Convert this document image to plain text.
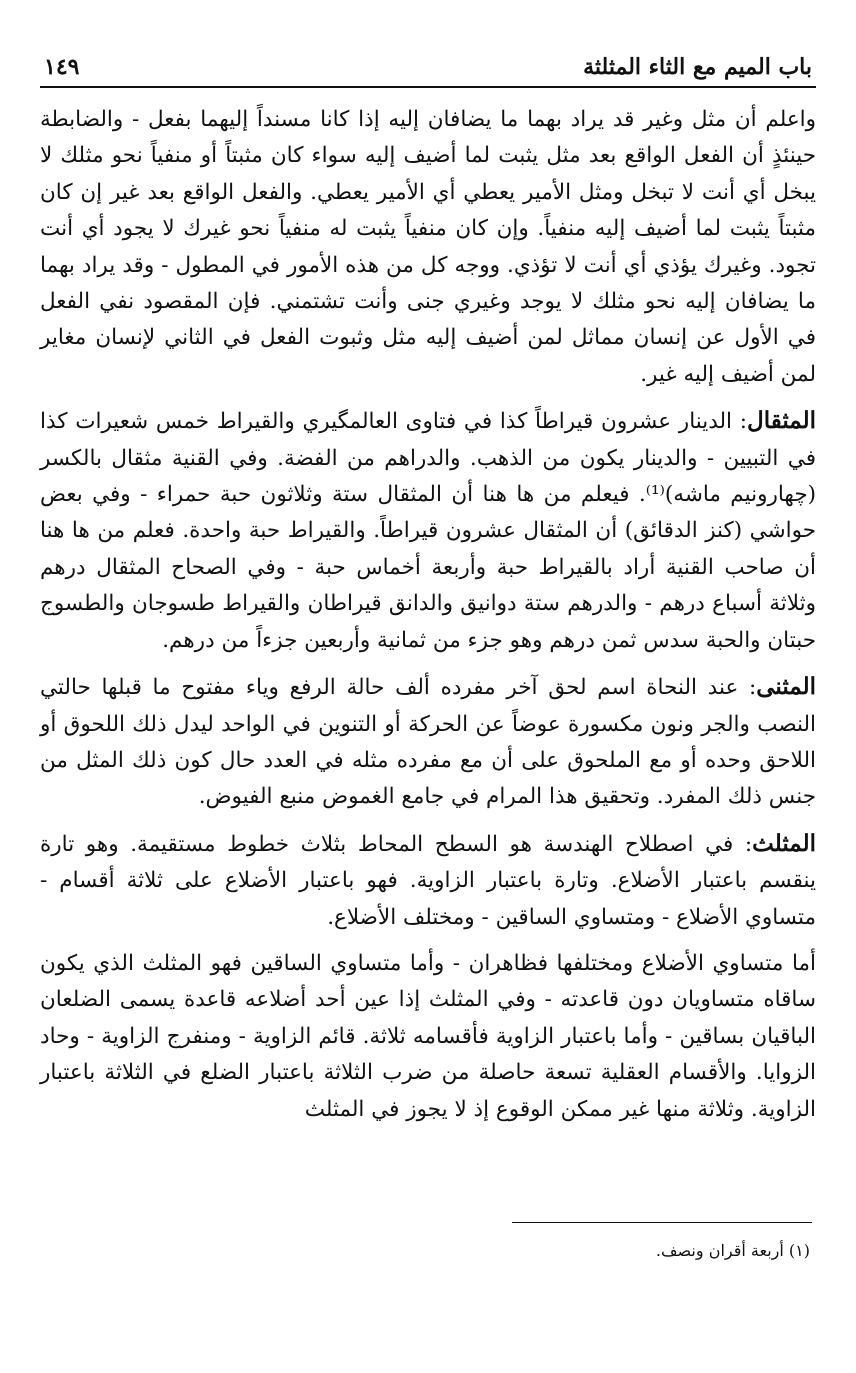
باب الميم مع الثاء المثلثة
١٤٩

واعلم أن مثل وغير قد يراد بهما ما يضافان إليه إذا كانا مسنداً إليهما بفعل - والضابطة حينئذٍ أن الفعل الواقع بعد مثل يثبت لما أضيف إليه سواء كان مثبتاً أو منفياً نحو مثلك لا يبخل أي أنت لا تبخل ومثل الأمير يعطي أي الأمير يعطي. والفعل الواقع بعد غير إن كان مثبتاً يثبت لما أضيف إليه منفياً. وإن كان منفياً يثبت له منفياً نحو غيرك لا يجود أي أنت تجود. وغيرك يؤذي أي أنت لا تؤذي. ووجه كل من هذه الأمور في المطول - وقد يراد بهما ما يضافان إليه نحو مثلك لا يوجد وغيري جنى وأنت تشتمني. فإن المقصود نفي الفعل في الأول عن إنسان مماثل لمن أضيف إليه مثل وثبوت الفعل في الثاني لإنسان مغاير لمن أضيف إليه غير.

المثقال: الدينار عشرون قيراطاً كذا في فتاوى العالمگيري والقيراط خمس شعيرات كذا في التبيين - والدينار يكون من الذهب. والدراهم من الفضة. وفي القنية مثقال بالكسر (چهارونيم ماشه)⁽¹⁾. فيعلم من ها هنا أن المثقال ستة وثلاثون حبة حمراء - وفي بعض حواشي (كنز الدقائق) أن المثقال عشرون قيراطاً. والقيراط حبة واحدة. فعلم من ها هنا أن صاحب القنية أراد بالقيراط حبة وأربعة أخماس حبة - وفي الصحاح المثقال درهم وثلاثة أسباع درهم - والدرهم ستة دوانيق والدانق قيراطان والقيراط طسوجان والطسوج حبتان والحبة سدس ثمن درهم وهو جزء من ثمانية وأربعين جزءاً من درهم.

المثنى: عند النحاة اسم لحق آخر مفرده ألف حالة الرفع وياء مفتوح ما قبلها حالتي النصب والجر ونون مكسورة عوضاً عن الحركة أو التنوين في الواحد ليدل ذلك اللحوق أو اللاحق وحده أو مع الملحوق على أن مع مفرده مثله في العدد حال كون ذلك المثل من جنس ذلك المفرد. وتحقيق هذا المرام في جامع الغموض منبع الفيوض.

المثلث: في اصطلاح الهندسة هو السطح المحاط بثلاث خطوط مستقيمة. وهو تارة ينقسم باعتبار الأضلاع. وتارة باعتبار الزاوية. فهو باعتبار الأضلاع على ثلاثة أقسام - متساوي الأضلاع - ومتساوي الساقين - ومختلف الأضلاع.

أما متساوي الأضلاع ومختلفها فظاهران - وأما متساوي الساقين فهو المثلث الذي يكون ساقاه متساويان دون قاعدته - وفي المثلث إذا عين أحد أضلاعه قاعدة يسمى الضلعان الباقيان بساقين - وأما باعتبار الزاوية فأقسامه ثلاثة. قائم الزاوية - ومنفرج الزاوية - وحاد الزوايا. والأقسام العقلية تسعة حاصلة من ضرب الثلاثة باعتبار الضلع في الثلاثة باعتبار الزاوية. وثلاثة منها غير ممكن الوقوع إذ لا يجوز في المثلث

(١) أربعة أقران ونصف.
